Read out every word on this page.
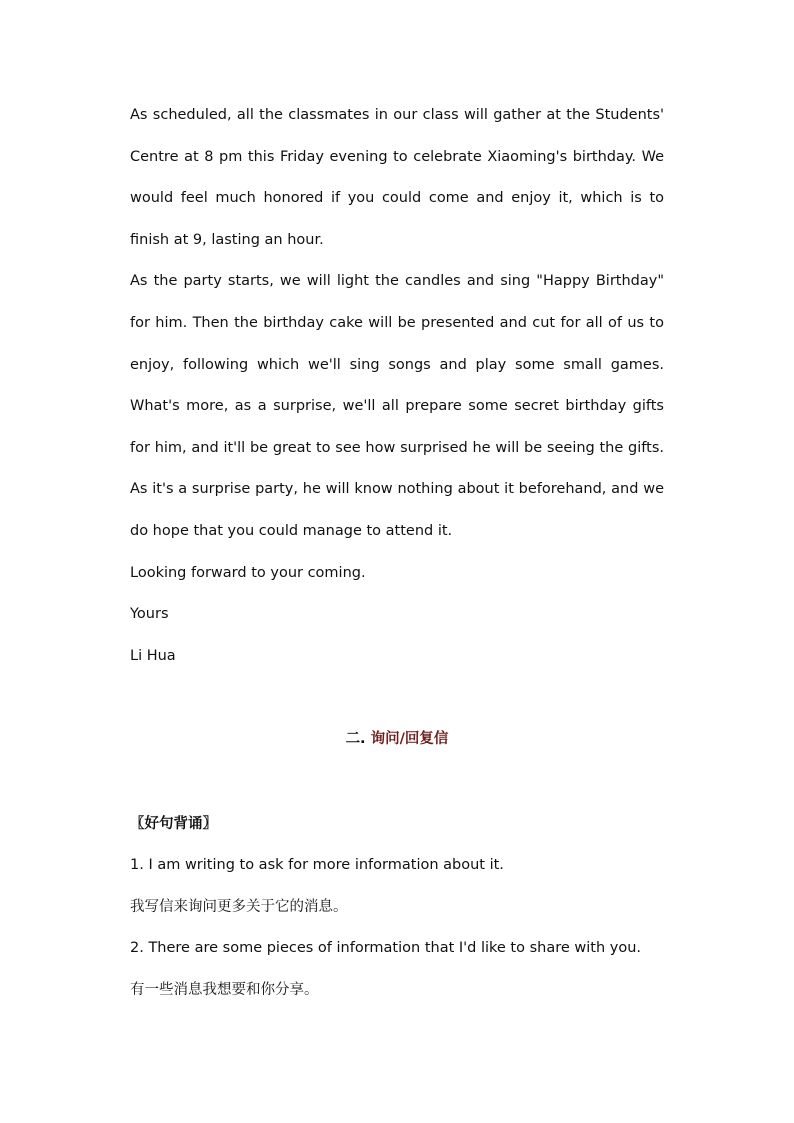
As scheduled, all the classmates in our class will gather at the Students' Centre at 8 pm this Friday evening to celebrate Xiaoming's birthday. We would feel much honored if you could come and enjoy it, which is to finish at 9, lasting an hour.

As the party starts, we will light the candles and sing "Happy Birthday" for him. Then the birthday cake will be presented and cut for all of us to enjoy, following which we'll sing songs and play some small games. What's more, as a surprise, we'll all prepare some secret birthday gifts for him, and it'll be great to see how surprised he will be seeing the gifts. As it's a surprise party, he will know nothing about it beforehand, and we do hope that you could manage to attend it.

Looking forward to your coming.

Yours

Li Hua

二. 询问/回复信
〖好句背诵〗
1. I am writing to ask for more information about it.
我写信来询问更多关于它的消息。
2. There are some pieces of information that I'd like to share with you.
有一些消息我想要和你分享。
